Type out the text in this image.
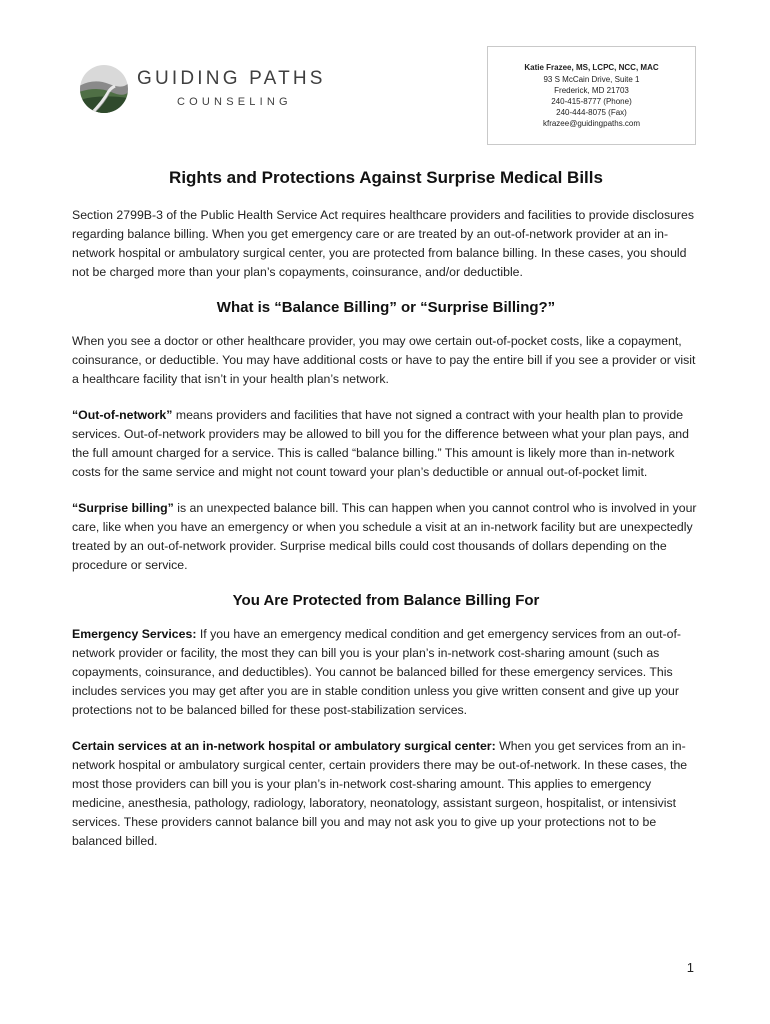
GUIDING PATHS
COUNSELING
Katie Frazee, MS, LCPC, NCC, MAC
93 S McCain Drive, Suite 1
Frederick, MD 21703
240-415-8777 (Phone)
240-444-8075 (Fax)
kfrazee@guidingpaths.com
Rights and Protections Against Surprise Medical Bills

Section 2799B-3 of the Public Health Service Act requires healthcare providers and facilities to provide disclosures regarding balance billing. When you get emergency care or are treated by an out-of-network provider at an in-network hospital or ambulatory surgical center, you are protected from balance billing. In these cases, you should not be charged more than your plan’s copayments, coinsurance, and/or deductible.

What is “Balance Billing” or “Surprise Billing?”

When you see a doctor or other healthcare provider, you may owe certain out-of-pocket costs, like a copayment, coinsurance, or deductible. You may have additional costs or have to pay the entire bill if you see a provider or visit a healthcare facility that isn’t in your health plan’s network.

“Out-of-network” means providers and facilities that have not signed a contract with your health plan to provide services. Out-of-network providers may be allowed to bill you for the difference between what your plan pays, and the full amount charged for a service. This is called “balance billing.” This amount is likely more than in-network costs for the same service and might not count toward your plan’s deductible or annual out-of-pocket limit.

“Surprise billing” is an unexpected balance bill. This can happen when you cannot control who is involved in your care, like when you have an emergency or when you schedule a visit at an in-network facility but are unexpectedly treated by an out-of-network provider. Surprise medical bills could cost thousands of dollars depending on the procedure or service.

You Are Protected from Balance Billing For

Emergency Services: If you have an emergency medical condition and get emergency services from an out-of-network provider or facility, the most they can bill you is your plan’s in-network cost-sharing amount (such as copayments, coinsurance, and deductibles). You cannot be balanced billed for these emergency services. This includes services you may get after you are in stable condition unless you give written consent and give up your protections not to be balanced billed for these post-stabilization services.

Certain services at an in-network hospital or ambulatory surgical center: When you get services from an in-network hospital or ambulatory surgical center, certain providers there may be out-of-network. In these cases, the most those providers can bill you is your plan’s in-network cost-sharing amount. This applies to emergency medicine, anesthesia, pathology, radiology, laboratory, neonatology, assistant surgeon, hospitalist, or intensivist services. These providers cannot balance bill you and may not ask you to give up your protections not to be balanced billed.

1
